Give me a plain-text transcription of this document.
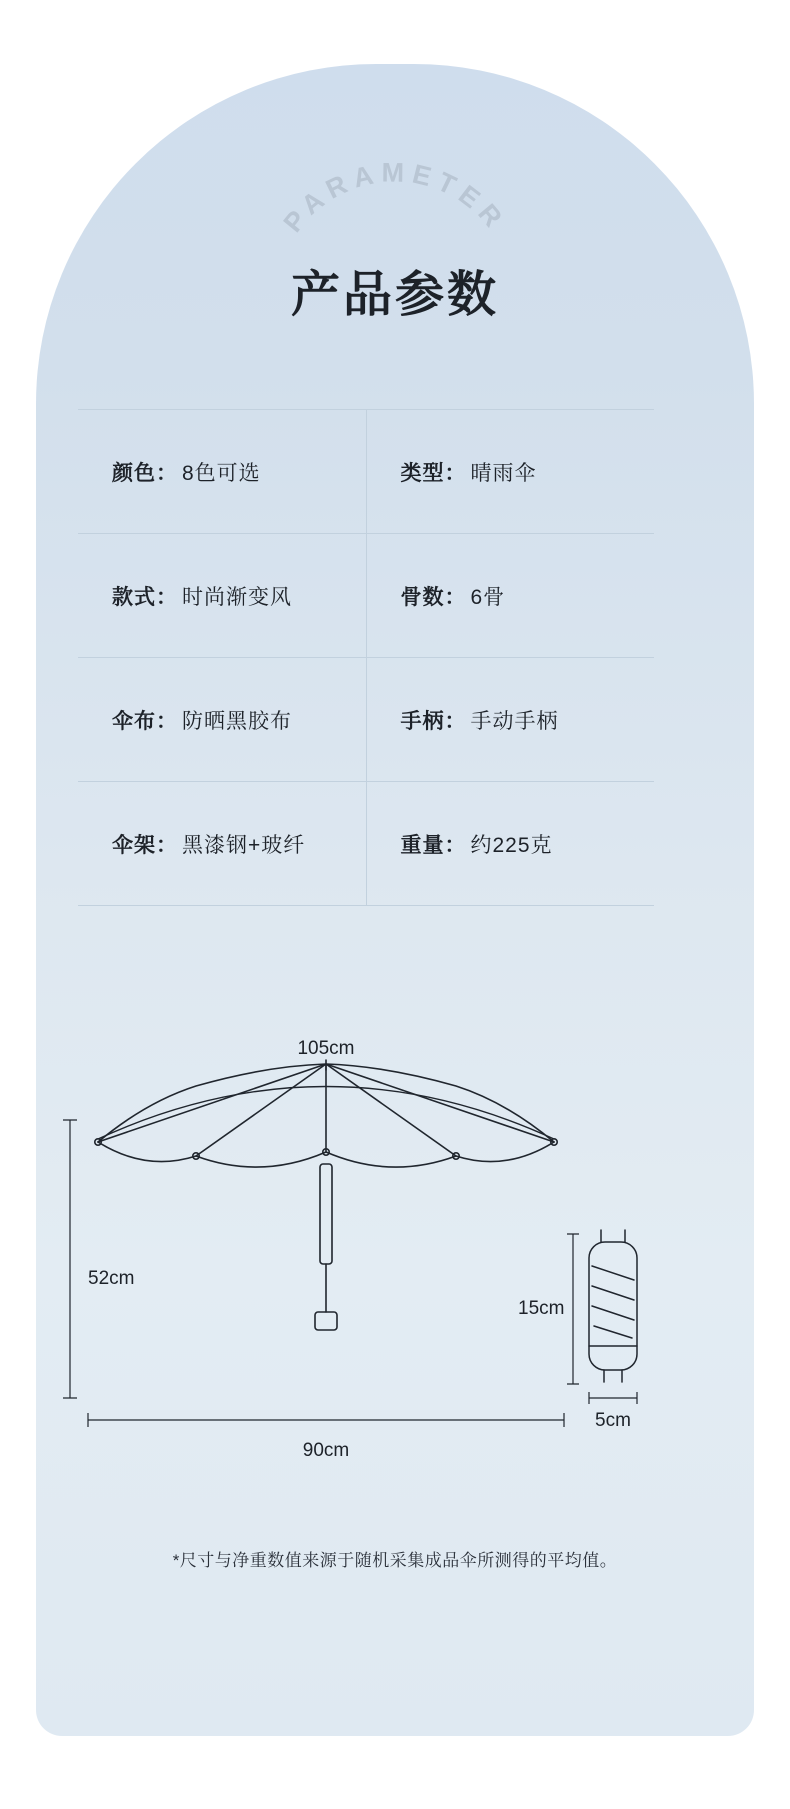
PARAMETER
产品参数
颜色： 8色可选	类型： 晴雨伞
款式： 时尚渐变风	骨数： 6骨
伞布： 防晒黑胶布	手柄： 手动手柄
伞架： 黑漆钢+玻纤	重量： 约225克
105cm
52cm
90cm
15cm
5cm
*尺寸与净重数值来源于随机采集成品伞所测得的平均值。
